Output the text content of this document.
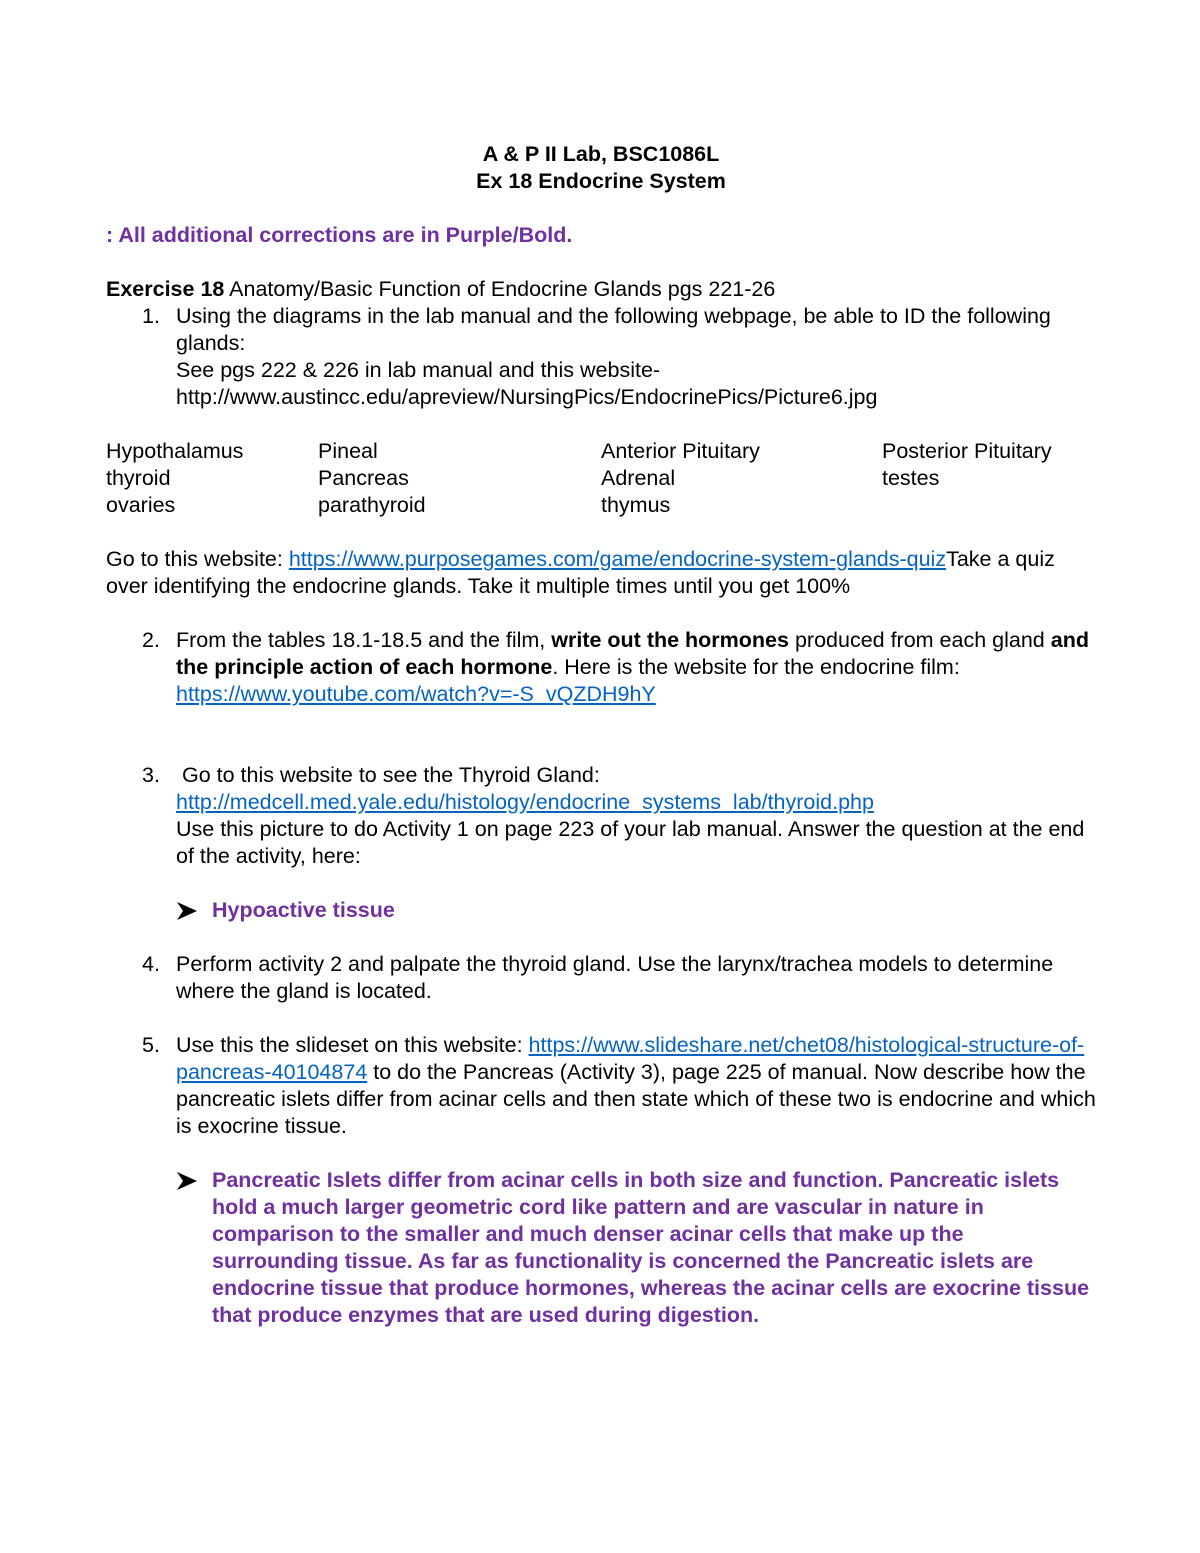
A & P II Lab, BSC1086L

Ex 18 Endocrine System

: All additional corrections are in Purple/Bold.
Exercise 18 Anatomy/Basic Function of Endocrine Glands pgs 221-26
1. Using the diagrams in the lab manual and the following webpage, be able to ID the following glands:
See pgs 222 & 226 in lab manual and this website-
http://www.austincc.edu/apreview/NursingPics/EndocrinePics/Picture6.jpg
Hypothalamus	Pineal	Anterior Pituitary	Posterior Pituitary
thyroid	Pancreas	Adrenal	testes
ovaries	parathyroid	thymus
Go to this website: https://www.purposegames.com/game/endocrine-system-glands-quizTake a quiz over identifying the endocrine glands. Take it multiple times until you get 100%
2. From the tables 18.1-18.5 and the film, write out the hormones produced from each gland and the principle action of each hormone. Here is the website for the endocrine film: https://www.youtube.com/watch?v=-S_vQZDH9hY
3. Go to this website to see the Thyroid Gland:
http://medcell.med.yale.edu/histology/endocrine_systems_lab/thyroid.php
Use this picture to do Activity 1 on page 223 of your lab manual. Answer the question at the end of the activity, here:
Hypoactive tissue
4. Perform activity 2 and palpate the thyroid gland. Use the larynx/trachea models to determine where the gland is located.
5. Use this the slideset on this website: https://www.slideshare.net/chet08/histological-structure-of-pancreas-40104874 to do the Pancreas (Activity 3), page 225 of manual. Now describe how the pancreatic islets differ from acinar cells and then state which of these two is endocrine and which is exocrine tissue.
Pancreatic Islets differ from acinar cells in both size and function. Pancreatic islets hold a much larger geometric cord like pattern and are vascular in nature in comparison to the smaller and much denser acinar cells that make up the surrounding tissue. As far as functionality is concerned the Pancreatic islets are endocrine tissue that produce hormones, whereas the acinar cells are exocrine tissue that produce enzymes that are used during digestion.
